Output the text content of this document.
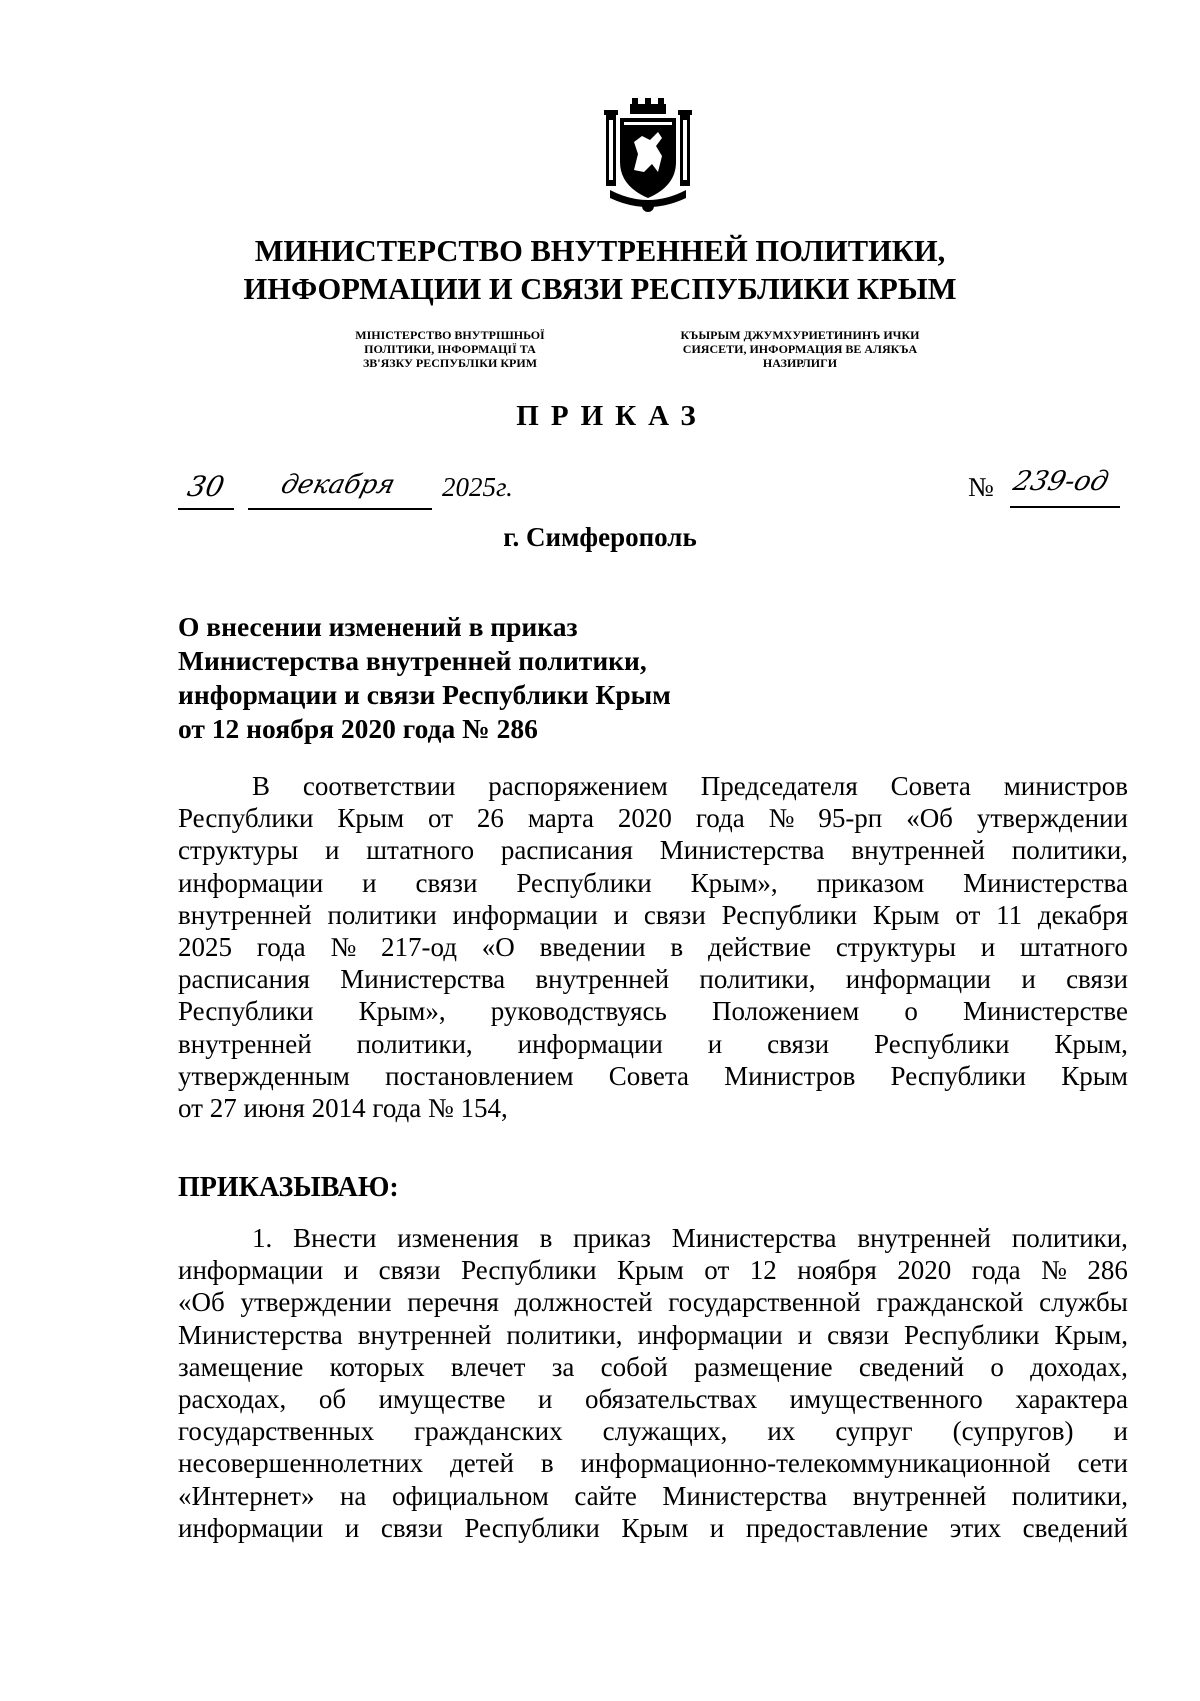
МИНИСТЕРСТВО ВНУТРЕННЕЙ ПОЛИТИКИ,
ИНФОРМАЦИИ И СВЯЗИ РЕСПУБЛИКИ КРЫМ
МІНІСТЕРСТВО ВНУТРІШНЬОЇ
ПОЛІТИКИ, ІНФОРМАЦІЇ ТА
ЗВ'ЯЗКУ РЕСПУБЛІКИ КРИМ
КЪЫРЫМ ДЖУМХУРИЕТИНИНЪ ИЧКИ
СИЯСЕТИ, ИНФОРМАЦИЯ ВЕ АЛЯКЪА
НАЗИРЛИГИ
ПРИКАЗ
30	декабря	2025г.	№ 239-од
г. Симферополь
О внесении изменений в приказ
Министерства внутренней политики,
информации и связи Республики Крым
от 12 ноября 2020 года № 286
В соответствии распоряжением Председателя Совета министров
Республики Крым от 26 марта 2020 года № 95-рп «Об утверждении
структуры и штатного расписания Министерства внутренней политики,
информации и связи Республики Крым», приказом Министерства
внутренней политики информации и связи Республики Крым от 11 декабря
2025 года № 217-од «О введении в действие структуры и штатного
расписания Министерства внутренней политики, информации и связи
Республики Крым», руководствуясь Положением о Министерстве
внутренней политики, информации и связи Республики Крым,
утвержденным постановлением Совета Министров Республики Крым
от 27 июня 2014 года № 154,
ПРИКАЗЫВАЮ:
1. Внести изменения в приказ Министерства внутренней политики,
информации и связи Республики Крым от 12 ноября 2020 года № 286
«Об утверждении перечня должностей государственной гражданской службы
Министерства внутренней политики, информации и связи Республики Крым,
замещение которых влечет за собой размещение сведений о доходах,
расходах, об имуществе и обязательствах имущественного характера
государственных гражданских служащих, их супруг (супругов) и
несовершеннолетних детей в информационно-телекоммуникационной сети
«Интернет» на официальном сайте Министерства внутренней политики,
информации и связи Республики Крым и предоставление этих сведений
